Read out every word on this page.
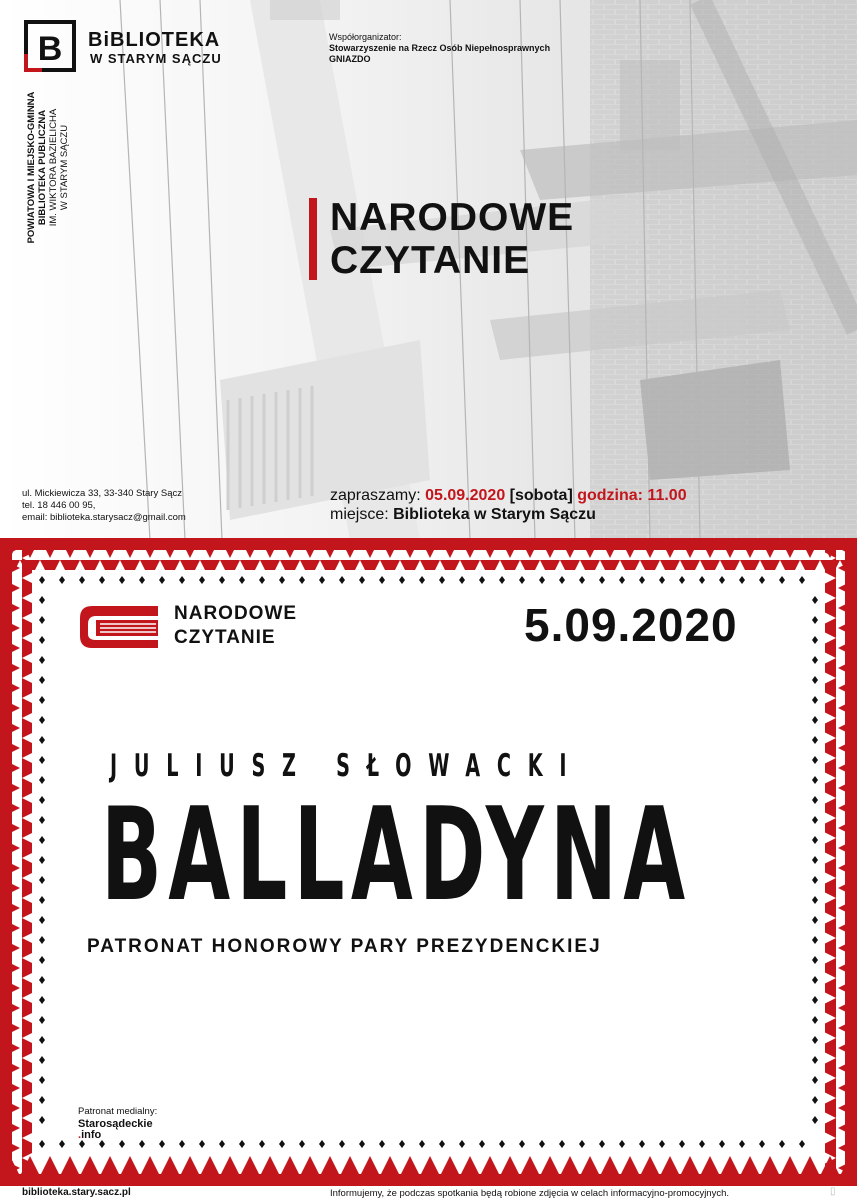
B BiBLIOTEKA
W STARYM SĄCZU
POWIATOWA I MIEJSKO-GMINNA BIBLIOTEKA PUBLICZNA IM. WIKTORA BAZIELICHA W STARYM SĄCZU
Współorganizator:
Stowarzyszenie na Rzecz Osób Niepełnosprawnych
GNIAZDO
NARODOWE
CZYTANIE
ul. Mickiewicza 33, 33-340 Stary Sącz
tel. 18 446 00 95,
email: biblioteka.starysacz@gmail.com
zapraszamy: 05.09.2020 [sobota] godzina: 11.00
miejsce: Biblioteka w Starym Sączu
NARODOWE
CZYTANIE	5.09.2020
JULIUSZ SŁOWACKI
BALLADYNA
PATRONAT HONOROWY PARY PREZYDENCKIEJ
Patronat medialny:
Starosądeckie
.info
biblioteka.stary.sacz.pl	Informujemy, że podczas spotkania będą robione zdjęcia w celach informacyjno-promocyjnych.	▯
